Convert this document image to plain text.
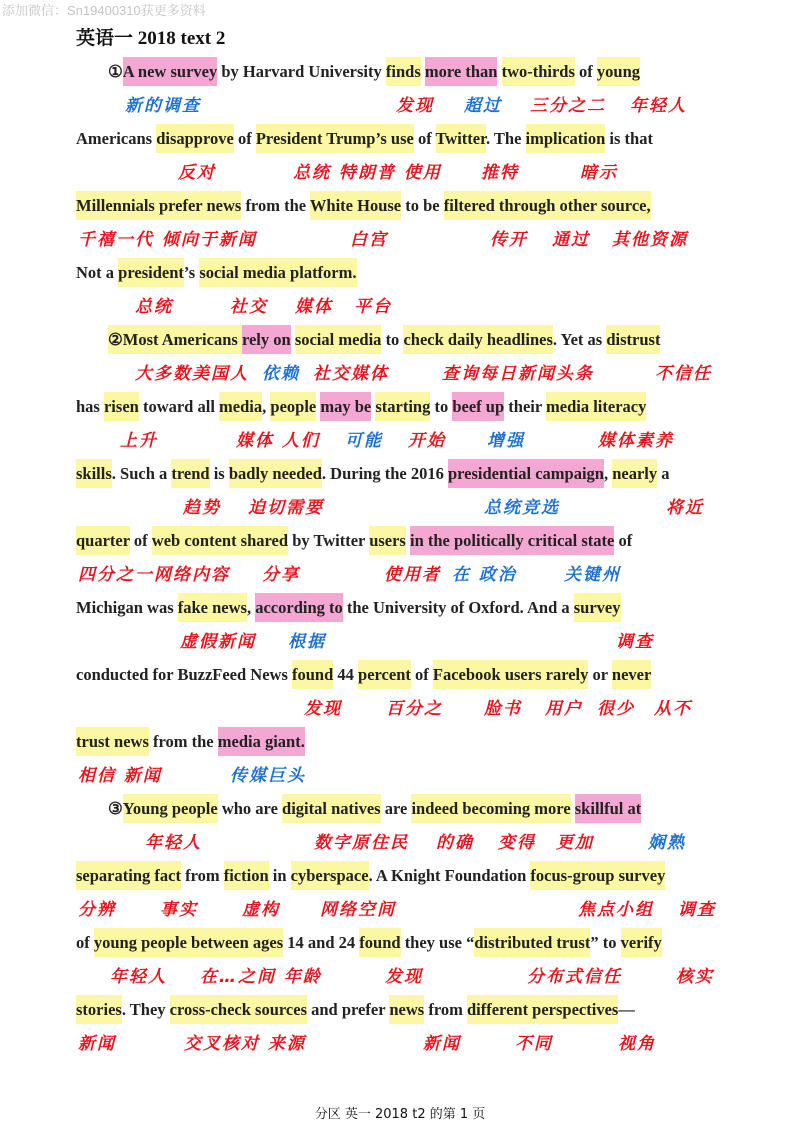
添加微信：Sn19400310获更多资料
英语一 2018 text 2
①A new survey by Harvard University finds more than two-thirds of young
Americans disapprove of President Trump’s use of Twitter. The implication is that
Millennials prefer news from the White House to be filtered through other source,
Not a president’s social media platform.
②Most Americans rely on social media to check daily headlines. Yet as distrust
has risen toward all media, people may be starting to beef up their media literacy
skills. Such a trend is badly needed. During the 2016 presidential campaign, nearly a
quarter of web content shared by Twitter users in the politically critical state of
Michigan was fake news, according to the University of Oxford. And a survey
conducted for BuzzFeed News found 44 percent of Facebook users rarely or never
trust news from the media giant.
③Young people who are digital natives are indeed becoming more skillful at
separating fact from fiction in cyberspace. A Knight Foundation focus-group survey
of young people between ages 14 and 24 found they use “distributed trust” to verify
stories. They cross-check sources and prefer news from different perspectives—
新的调查	发现 超过 三分之二 年轻人
反对	总统 特朗普 使用 推特	暗示
千禧一代 倾向于新闻	白宫	传开 通过 其他资源
总统	社交 媒体 平台
大多数美国人 依赖 社交媒体	查询每日新闻头条	不信任
上升	媒体 人们 可能 开始 增强	媒体素养
趋势 迫切需要	总统竞选	将近
四分之一网络内容 分享	使用者 在 政治	关键州
虚假新闻 根据	调查
发现	百分之 脸书 用户 很少 从不
相信 新闻	传媒巨头
年轻人	数字原住民 的确 变得 更加	娴熟
分辨	事实	虚构 网络空间	焦点小组 调查
年轻人 在…之间 年龄	发现	分布式信任	核实
新闻	交叉核对 来源	新闻	不同	视角
分区 英一 2018 t2 的第 1 页
